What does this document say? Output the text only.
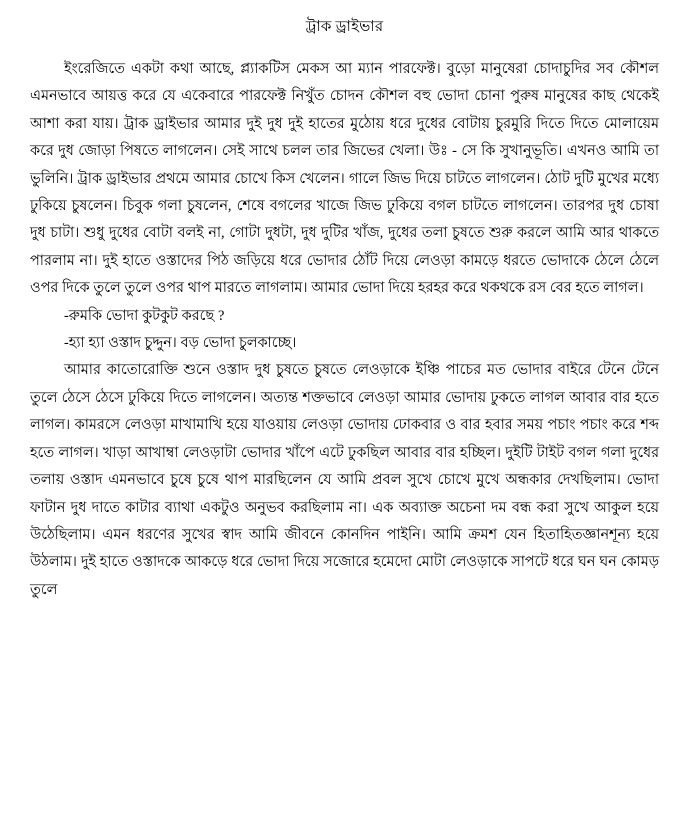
ট্রাক ড্রাইভার

ইংরেজিতে একটা কথা আছে, প্ল্যাকটিস মেকস আ ম্যান পারফেক্ট। বুড়ো মানুষেরা চোদাচুদির সব কৌশল এমনভাবে আয়ত্ত করে যে একেবারে পারফেক্ট নিখুঁত চোদন কৌশল বহু ভোদা চোনা পুরুষ মানুষের কাছ থেকেই আশা করা যায়। ট্রাক ড্রাইভার আমার দুই দুধ দুই হাতের মুঠোয় ধরে দুধের বোটায় চুরমুরি দিতে দিতে মোলায়েম করে দুধ জোড়া পিষতে লাগলেন। সেই সাথে চলল তার জিভের খেলা। উঃ - সে কি সুখানুভূতি। এখনও আমি তা ভুলিনি। ট্রাক ড্রাইভার প্রথমে আমার চোখে কিস খেলেন। গালে জিভ দিয়ে চাটতে লাগলেন। ঠোট দুটি মুখের মধ্যে ঢুকিয়ে চুষলেন। চিবুক গলা চুষলেন, শেষে বগলের খাজে জিভ ঢুকিয়ে বগল চাটতে লাগলেন। তারপর দুধ চোষা দুধ চাটা। শুধু দুধের বোটা বলই না, গোটা দুধটা, দুধ দুটির খাঁজ, দুধের তলা চুষতে শুরু করলে আমি আর থাকতে পারলাম না। দুই হাতে ওস্তাদের পিঠ জড়িয়ে ধরে ভোদার ঠোঁট দিয়ে লেওড়া কামড়ে ধরতে ভোদাকে ঠেলে ঠেলে ওপর দিকে তুলে তুলে ওপর থাপ মারতে লাগলাম। আমার ভোদা দিয়ে হরহর করে থকথকে রস বের হতে লাগল।

-রুমকি ভোদা কুটকুট করছে ?

-হ্যা হ্যা ওস্তাদ চুদ্দুন। বড় ভোদা চুলকাচ্ছে।

আমার কাতোরোক্তি শুনে ওস্তাদ দুধ চুষতে চুষতে লেওড়াকে ইঞ্চি পাচের মত ভোদার বাইরে টেনে টেনে তুলে ঠেসে ঠেসে ঢুকিয়ে দিতে লাগলেন। অত্যন্ত শক্তভাবে লেওড়া আমার ভোদায় ঢুকতে লাগল আবার বার হতে লাগল। কামরসে লেওড়া মাখামাখি হয়ে যাওয়ায় লেওড়া ভোদায় ঢোকবার ও বার হবার সময় পচাং পচাং করে শব্দ হতে লাগল। খাড়া আখাম্বা লেওড়াটা ভোদার খাঁপে এটে ঢুকছিল আবার বার হচ্ছিল। দুইটি টাইট বগল গলা দুধের তলায় ওস্তাদ এমনভাবে চুষে চুষে থাপ মারছিলেন যে আমি প্রবল সুখে চোখে মুখে অন্ধকার দেখছিলাম। ভোদা ফাটান দুধ দাতে কাটার ব্যাথা একটুও অনুভব করছিলাম না। এক অব্যাক্ত অচেনা দম বন্ধ করা সুখে আকুল হয়ে উঠেছিলাম। এমন ধরণের সুখের স্বাদ আমি জীবনে কোনদিন পাইনি। আমি ক্রমশ যেন হিতাহিতজ্ঞানশূন্য হয়ে উঠলাম। দুই হাতে ওস্তাদকে আকড়ে ধরে ভোদা দিয়ে সজোরে হমেদো মোটা লেওড়াকে সাপটে ধরে ঘন ঘন কোমড় তুলে
